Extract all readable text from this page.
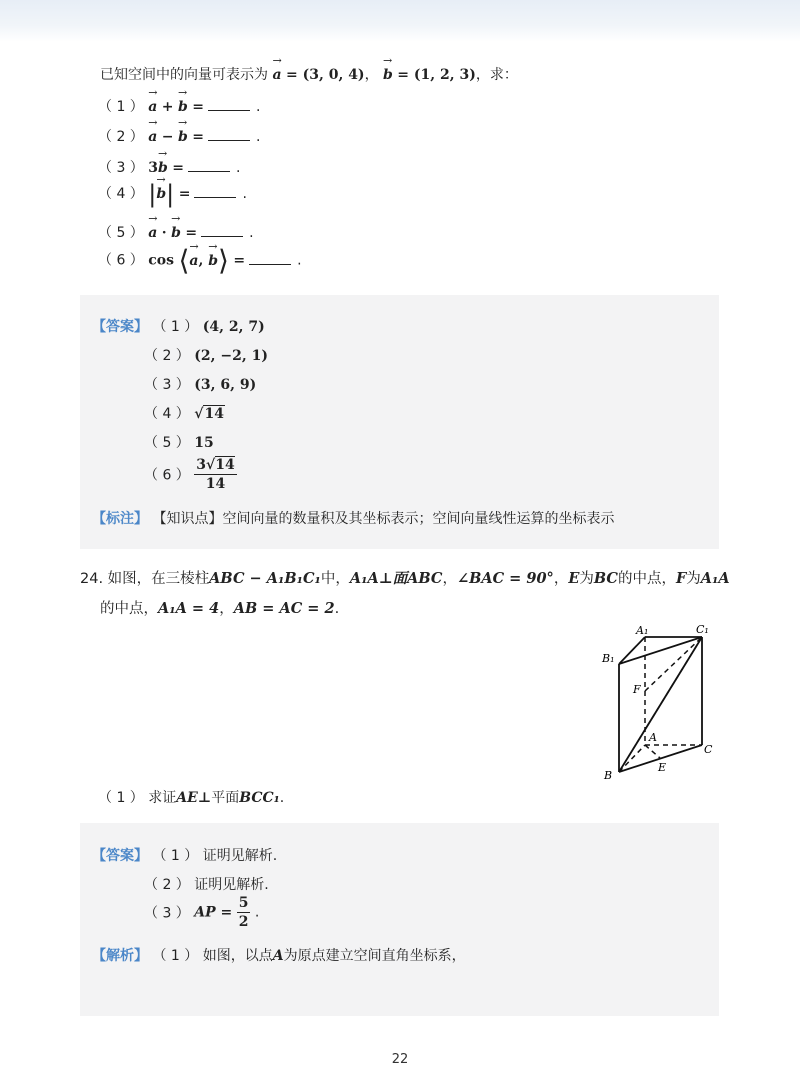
已知空间中的向量可表示为 → a = (3, 0, 4)， → b = (1, 2, 3)，求：
（ 1 ） → a + → b =	.
（ 2 ） → a − → b =	.
（ 3 ） 3→ b =	.
（ 4 ） |→ b| =	.
（ 5 ） → a · → b =	.
（ 6 ） cos ⟨→ a, → b⟩ =	.
【答案】 （ 1 ） (4, 2, 7)
（ 2 ） (2, −2, 1)
（ 3 ） (3, 6, 9)
（ 4 ） √14
（ 5 ） 15
（ 6 ） $\frac{3√14}{14}$
【标注】 【知识点】空间向量的数量积及其坐标表示；空间向量线性运算的坐标表示
24. 如图，在三棱柱ABC − A₁B₁C₁中，A₁A⊥面ABC，∠BAC = 90°，E为BC的中点，F为A₁A
的中点，A₁A = 4，AB = AC = 2.
A₁	C₁
B₁
F
A
C
B
E
（ 1 ） 求证AE⊥平面BCC₁.
【答案】 （ 1 ） 证明见解析.
（ 2 ） 证明见解析.
（ 3 ） AP = $\frac{5}{2}$ .
【解析】 （ 1 ） 如图，以点A为原点建立空间直角坐标系，
22
